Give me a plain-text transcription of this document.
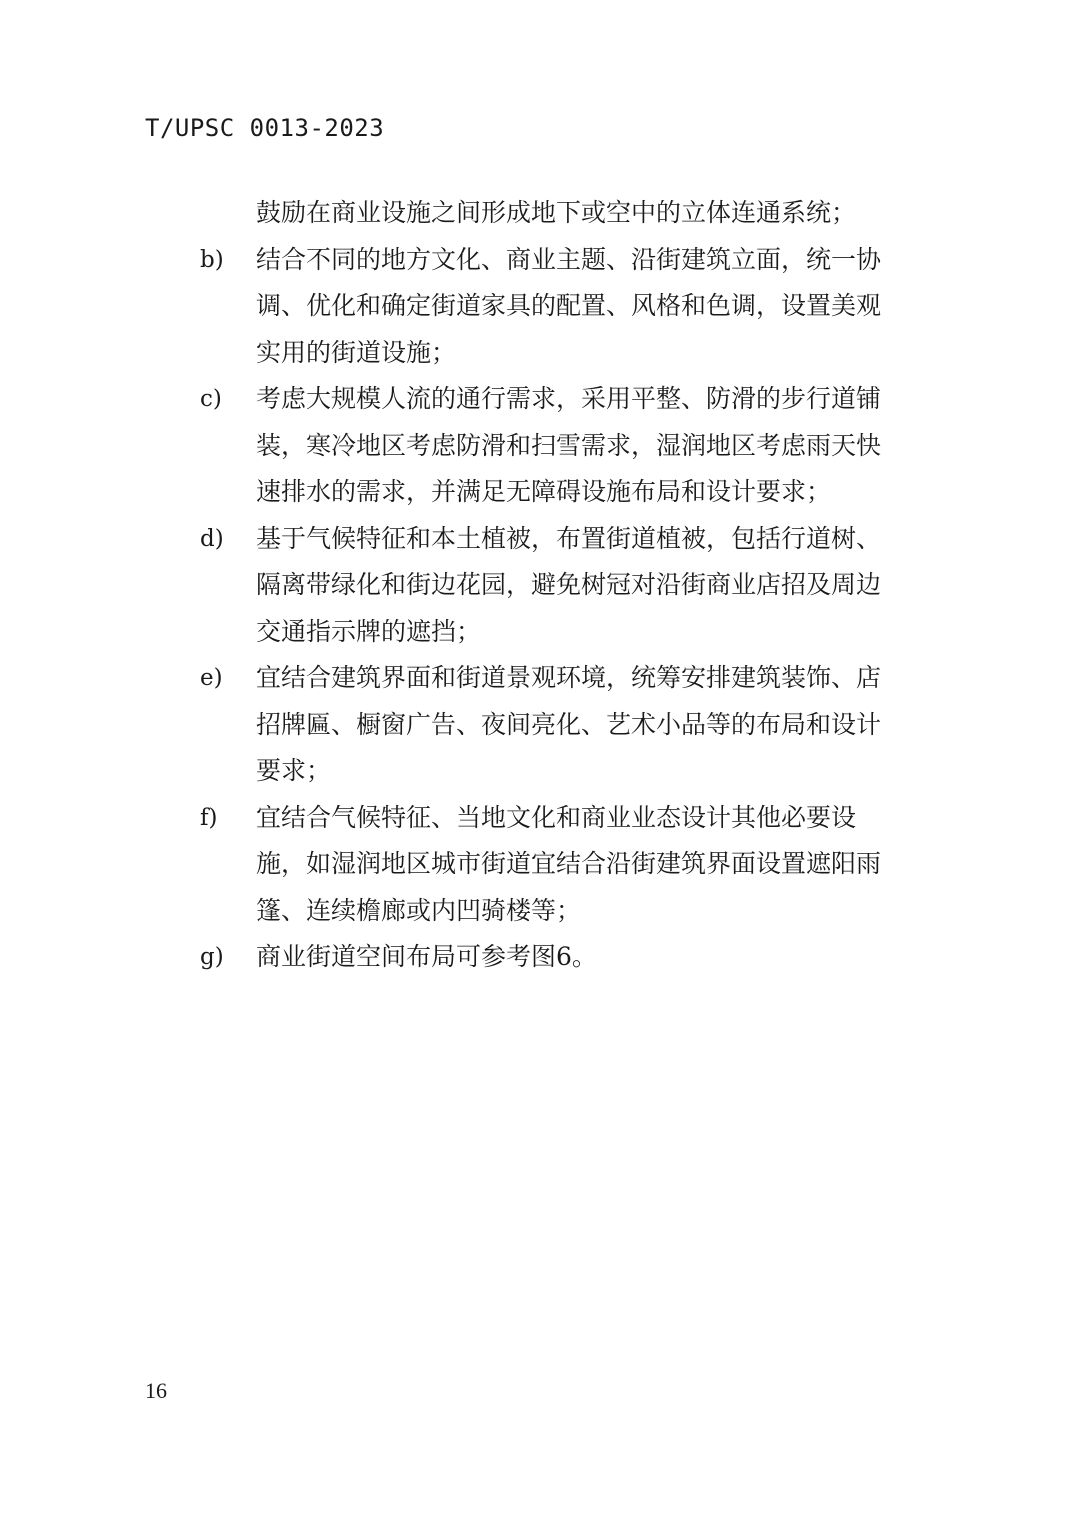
T/UPSC 0013-2023
鼓励在商业设施之间形成地下或空中的立体连通系统；
b) 结合不同的地方文化、商业主题、沿街建筑立面，统一协
调、优化和确定街道家具的配置、风格和色调，设置美观
实用的街道设施；
c) 考虑大规模人流的通行需求，采用平整、防滑的步行道铺
装，寒冷地区考虑防滑和扫雪需求，湿润地区考虑雨天快
速排水的需求，并满足无障碍设施布局和设计要求；
d) 基于气候特征和本土植被，布置街道植被，包括行道树、
隔离带绿化和街边花园，避免树冠对沿街商业店招及周边
交通指示牌的遮挡；
e) 宜结合建筑界面和街道景观环境，统筹安排建筑装饰、店
招牌匾、橱窗广告、夜间亮化、艺术小品等的布局和设计
要求；
f) 宜结合气候特征、当地文化和商业业态设计其他必要设
施，如湿润地区城市街道宜结合沿街建筑界面设置遮阳雨
篷、连续檐廊或内凹骑楼等；
g) 商业街道空间布局可参考图6。
16
